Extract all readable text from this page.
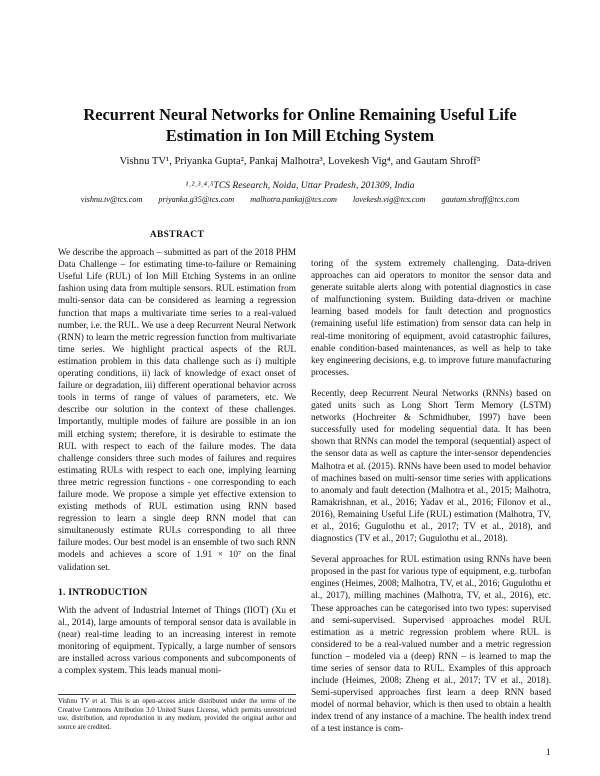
Recurrent Neural Networks for Online Remaining Useful Life
Estimation in Ion Mill Etching System
Vishnu TV¹, Priyanka Gupta², Pankaj Malhotra³, Lovekesh Vig⁴, and Gautam Shroff⁵
¹˒²˒³˒⁴˒⁵TCS Research, Noida, Uttar Pradesh, 201309, India
vishnu.tv@tcs.com priyanka.g35@tcs.com malhotra.pankaj@tcs.com lovekesh.vig@tcs.com gautam.shroff@tcs.com
ABSTRACT

We describe the approach – submitted as part of the 2018 PHM Data Challenge – for estimating time-to-failure or Remaining Useful Life (RUL) of Ion Mill Etching Systems in an online fashion using data from multiple sensors. RUL estimation from multi-sensor data can be considered as learning a regression function that maps a multivariate time series to a real-valued number, i.e. the RUL. We use a deep Recurrent Neural Network (RNN) to learn the metric regression function from multivariate time series. We highlight practical aspects of the RUL estimation problem in this data challenge such as i) multiple operating conditions, ii) lack of knowledge of exact onset of failure or degradation, iii) different operational behavior across tools in terms of range of values of parameters, etc. We describe our solution in the context of these challenges. Importantly, multiple modes of failure are possible in an ion mill etching system; therefore, it is desirable to estimate the RUL with respect to each of the failure modes. The data challenge considers three such modes of failures and requires estimating RULs with respect to each one, implying learning three metric regression functions - one corresponding to each failure mode. We propose a simple yet effective extension to existing methods of RUL estimation using RNN based regression to learn a single deep RNN model that can simultaneously estimate RULs corresponding to all three failure modes. Our best model is an ensemble of two such RNN models and achieves a score of 1.91 × 10⁷ on the final validation set.

1. INTRODUCTION

With the advent of Industrial Internet of Things (IIOT) (Xu et al., 2014), large amounts of temporal sensor data is available in (near) real-time leading to an increasing interest in remote monitoring of equipment. Typically, a large number of sensors are installed across various components and subcomponents of a complex system. This leads manual moni-

Vishnu TV et al. This is an open-access article distributed under the terms of the Creative Commons Attribution 3.0 United States License, which permits unrestricted use, distribution, and reproduction in any medium, provided the original author and source are credited.

toring of the system extremely challenging. Data-driven approaches can aid operators to monitor the sensor data and generate suitable alerts along with potential diagnostics in case of malfunctioning system. Building data-driven or machine learning based models for fault detection and prognostics (remaining useful life estimation) from sensor data can help in real-time monitoring of equipment, avoid catastrophic failures, enable condition-based maintenances, as well as help to take key engineering decisions, e.g. to improve future manufacturing processes.

Recently, deep Recurrent Neural Networks (RNNs) based on gated units such as Long Short Term Memory (LSTM) networks (Hochreiter & Schmidhuber, 1997) have been successfully used for modeling sequential data. It has been shown that RNNs can model the temporal (sequential) aspect of the sensor data as well as capture the inter-sensor dependencies Malhotra et al. (2015). RNNs have been used to model behavior of machines based on multi-sensor time series with applications to anomaly and fault detection (Malhotra et al., 2015; Malhotra, Ramakrishnan, et al., 2016; Yadav et al., 2016; Filonov et al., 2016), Remaining Useful Life (RUL) estimation (Malhotra, TV, et al., 2016; Gugulothu et al., 2017; TV et al., 2018), and diagnostics (TV et al., 2017; Gugulothu et al., 2018).

Several approaches for RUL estimation using RNNs have been proposed in the past for various type of equipment, e.g. turbofan engines (Heimes, 2008; Malhotra, TV, et al., 2016; Gugulothu et al., 2017), milling machines (Malhotra, TV, et al., 2016), etc. These approaches can be categorised into two types: supervised and semi-supervised. Supervised approaches model RUL estimation as a metric regression problem where RUL is considered to be a real-valued number and a metric regression function – modeled via a (deep) RNN – is learned to map the time series of sensor data to RUL. Examples of this approach include (Heimes, 2008; Zheng et al., 2017; TV et al., 2018). Semi-supervised approaches first learn a deep RNN based model of normal behavior, which is then used to obtain a health index trend of any instance of a machine. The health index trend of a test instance is com-

1
